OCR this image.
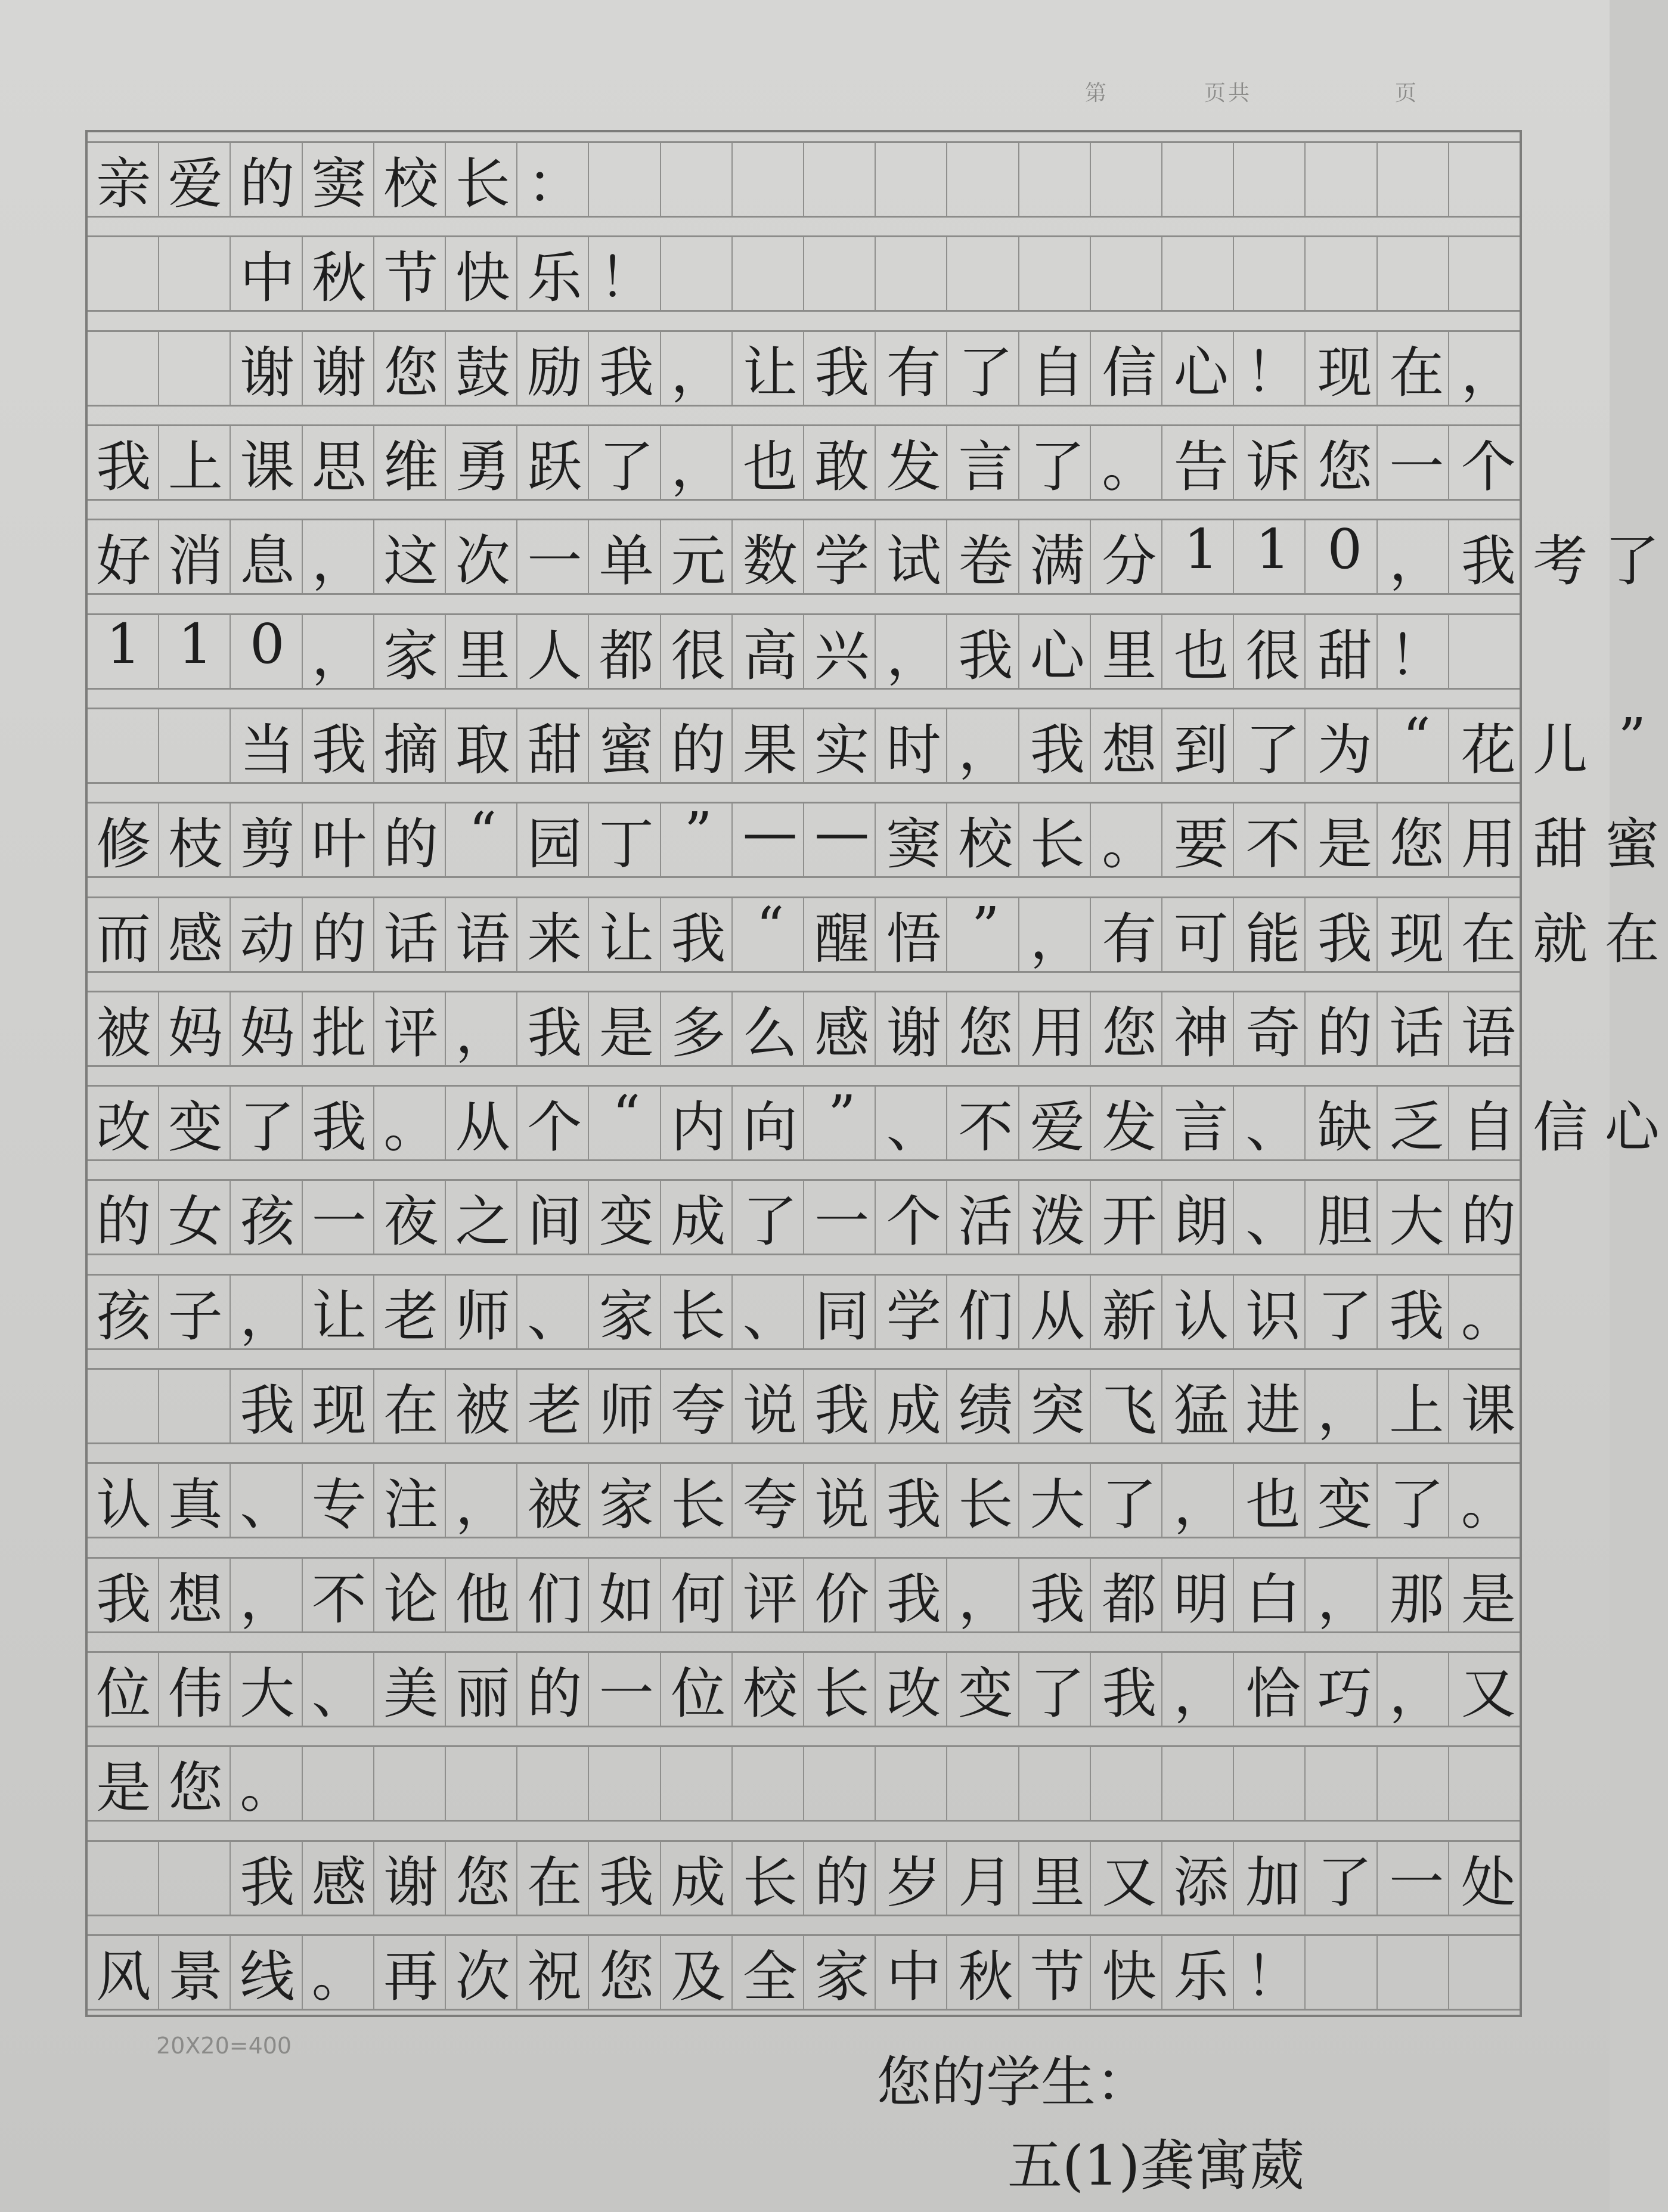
第	页共	页
亲 爱 的 窦 校 长 ：

中 秋 节 快 乐 ！

谢 谢 您 鼓 励 我 ， 让 我 有 了 自 信 心 ！ 现 在 ，
我 上 课 思 维 勇 跃 了 ， 也 敢 发 言 了 。 告 诉 您 一 个
好 消 息 ， 这 次 一 单 元 数 学 试 卷 满 分 1 1 0 ， 我 考 了
1 1 0 ， 家 里 人 都 很 高 兴 ， 我 心 里 也 很 甜 ！

当 我 摘 取 甜 蜜 的 果 实 时 ， 我 想 到 了 为 “ 花 儿 ”
修 枝 剪 叶 的 “ 园 丁 ” — — 窦 校 长 。 要 不 是 您 用 甜 蜜
而 感 动 的 话 语 来 让 我 “ 醒 悟 ” ， 有 可 能 我 现 在 就 在
被 妈 妈 批 评 ， 我 是 多 么 感 谢 您 用 您 神 奇 的 话 语
改 变 了 我 。 从 个 “ 内 向 ” 、 不 爱 发 言 、 缺 乏 自 信 心
的 女 孩 一 夜 之 间 变 成 了 一 个 活 泼 开 朗 、 胆 大 的
孩 子 ， 让 老 师 、 家 长 、 同 学 们 从 新 认 识 了 我 。

我 现 在 被 老 师 夸 说 我 成 绩 突 飞 猛 进 ， 上 课
认 真 、 专 注 ， 被 家 长 夸 说 我 长 大 了 ， 也 变 了 。
我 想 ， 不 论 他 们 如 何 评 价 我 ， 我 都 明 白 ， 那 是
位 伟 大 、 美 丽 的 一 位 校 长 改 变 了 我 ， 恰 巧 ， 又
是 您 。

我 感 谢 您 在 我 成 长 的 岁 月 里 又 添 加 了 一 处
风 景 线 。 再 次 祝 您 及 全 家 中 秋 节 快 乐 ！
20X20=400
您的学生：
五(1)龚寓葳
